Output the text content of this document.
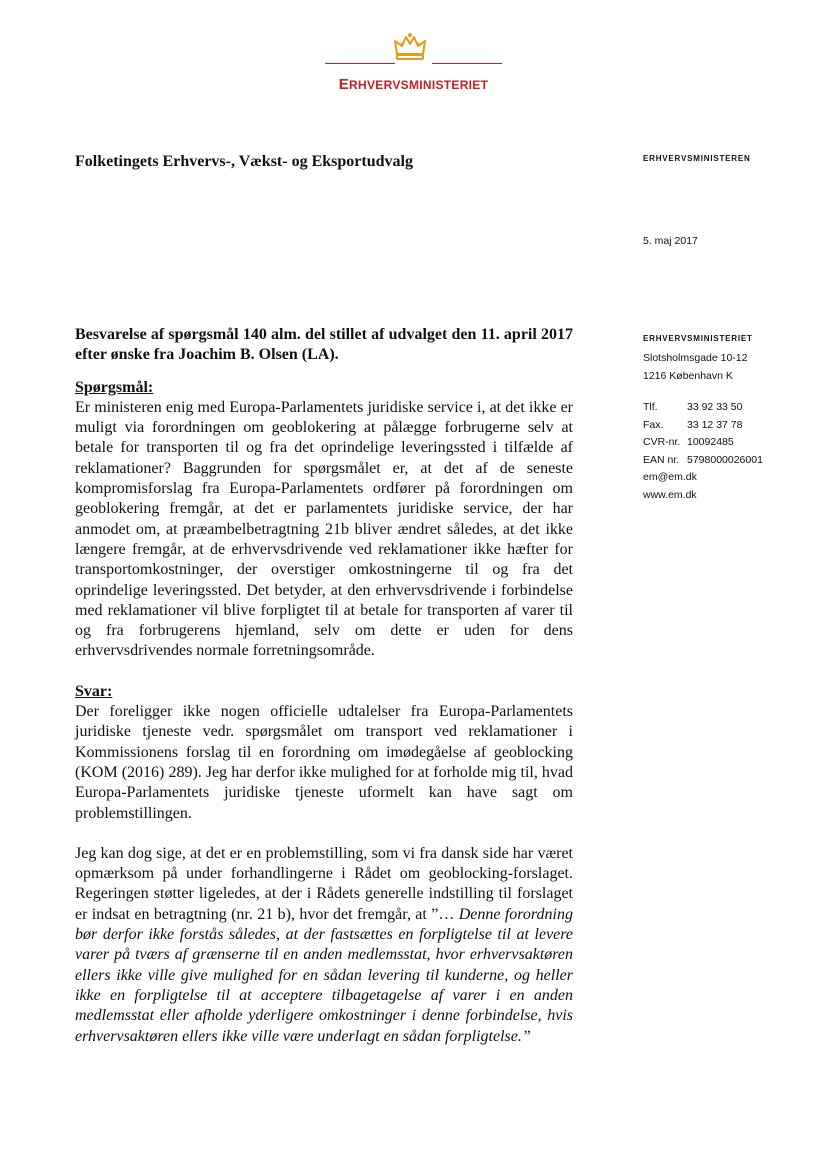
ERHVERVSMINISTERIET
Folketingets Erhvervs-, Vækst- og Eksportudvalg	ERHVERVSMINISTEREN
5. maj 2017
ERHVERVSMINISTERIET
Slotsholmsgade 10-12
1216 København K
Tlf.	33 92 33 50
Fax. 33 12 37 78
CVR-nr. 10092485
EAN nr. 5798000026001
em@em.dk
www.em.dk

Besvarelse af spørgsmål 140 alm. del stillet af udvalget den 11. april 2017 efter ønske fra Joachim B. Olsen (LA).

Spørgsmål:

Er ministeren enig med Europa-Parlamentets juridiske service i, at det ikke er muligt via forordningen om geoblokering at pålægge forbrugerne selv at betale for transporten til og fra det oprindelige leveringssted i tilfælde af reklamationer? Baggrunden for spørgsmålet er, at det af de seneste kompromisforslag fra Europa-Parlamentets ordfører på forordningen om geoblokering fremgår, at det er parlamentets juridiske service, der har anmodet om, at præambelbetragtning 21b bliver ændret således, at det ikke længere fremgår, at de erhvervsdrivende ved reklamationer ikke hæfter for transportomkostninger, der overstiger omkostningerne til og fra det oprindelige leveringssted. Det betyder, at den erhvervsdrivende i forbindelse med reklamationer vil blive forpligtet til at betale for transporten af varer til og fra forbrugerens hjemland, selv om dette er uden for dens erhvervsdrivendes normale forretningsområde.

Svar:

Der foreligger ikke nogen officielle udtalelser fra Europa-Parlamentets juridiske tjeneste vedr. spørgsmålet om transport ved reklamationer i Kommissionens forslag til en forordning om imødegåelse af geoblocking (KOM (2016) 289). Jeg har derfor ikke mulighed for at forholde mig til, hvad Europa-Parlamentets juridiske tjeneste uformelt kan have sagt om problemstillingen.

Jeg kan dog sige, at det er en problemstilling, som vi fra dansk side har været opmærksom på under forhandlingerne i Rådet om geoblocking-forslaget. Regeringen støtter ligeledes, at der i Rådets generelle indstilling til forslaget er indsat en betragtning (nr. 21 b), hvor det fremgår, at ”… Denne forordning bør derfor ikke forstås således, at der fastsættes en forpligtelse til at levere varer på tværs af grænserne til en anden medlemsstat, hvor erhvervsaktøren ellers ikke ville give mulighed for en sådan levering til kunderne, og heller ikke en forpligtelse til at acceptere tilbagetagelse af varer i en anden medlemsstat eller afholde yderligere omkostninger i denne forbindelse, hvis erhvervsaktøren ellers ikke ville være underlagt en sådan forpligtelse.”
